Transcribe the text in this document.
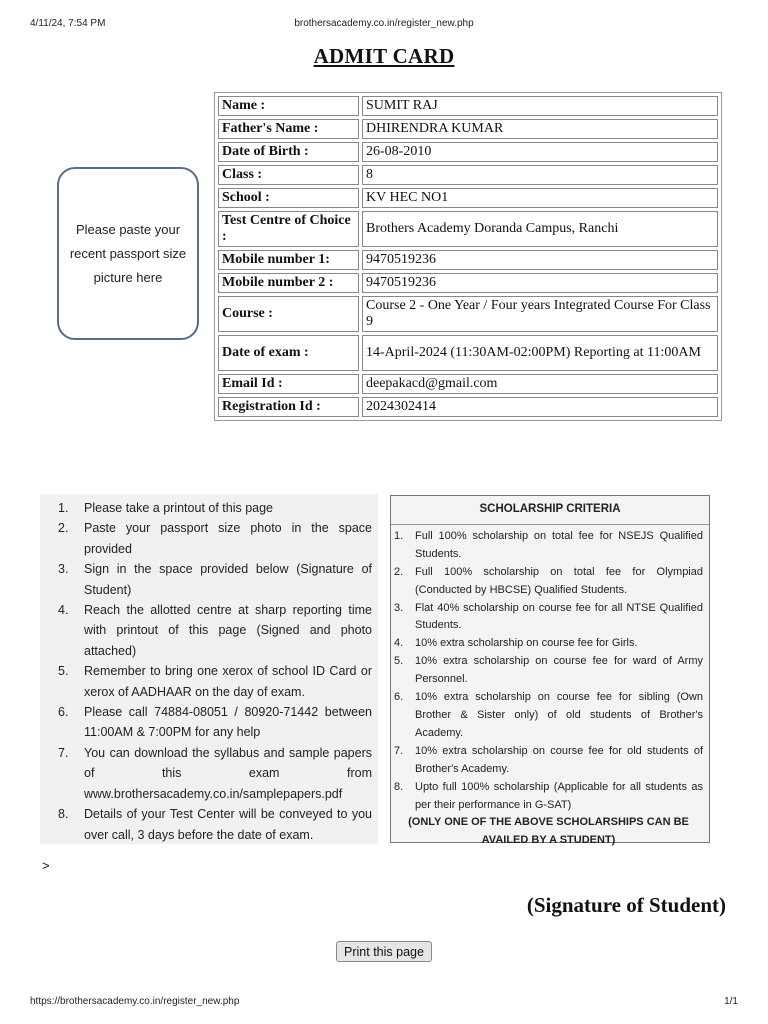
4/11/24, 7:54 PM	brothersacademy.co.in/register_new.php
ADMIT CARD
Please paste your recent passport size picture here
Name :	SUMIT RAJ
Father's Name :	DHIRENDRA KUMAR
Date of Birth :	26-08-2010
Class :	8
School :	KV HEC NO1
Test Centre of Choice :	Brothers Academy Doranda Campus, Ranchi
Mobile number 1:	9470519236
Mobile number 2 :	9470519236
Course :	Course 2 - One Year / Four years Integrated Course For Class 9
Date of exam :	14-April-2024 (11:30AM-02:00PM) Reporting at 11:00AM
Email Id :	deepakacd@gmail.com
Registration Id :	2024302414
1. Please take a printout of this page
2. Paste your passport size photo in the space provided
3. Sign in the space provided below (Signature of Student)
4. Reach the allotted centre at sharp reporting time with printout of this page (Signed and photo attached)
5. Remember to bring one xerox of school ID Card or xerox of AADHAAR on the day of exam.
6. Please call 74884-08051 / 80920-71442 between 11:00AM & 7:00PM for any help
7. You can download the syllabus and sample papers of this exam from www.brothersacademy.co.in/samplepapers.pdf
8. Details of your Test Center will be conveyed to you over call, 3 days before the date of exam.
SCHOLARSHIP CRITERIA
1. Full 100% scholarship on total fee for NSEJS Qualified Students.
2. Full 100% scholarship on total fee for Olympiad (Conducted by HBCSE) Qualified Students.
3. Flat 40% scholarship on course fee for all NTSE Qualified Students.
4. 10% extra scholarship on course fee for Girls.
5. 10% extra scholarship on course fee for ward of Army Personnel.
6. 10% extra scholarship on course fee for sibling (Own Brother & Sister only) of old students of Brother's Academy.
7. 10% extra scholarship on course fee for old students of Brother's Academy.
8. Upto full 100% scholarship (Applicable for all students as per their performance in G-SAT)
(ONLY ONE OF THE ABOVE SCHOLARSHIPS CAN BE AVAILED BY A STUDENT)
>
(Signature of Student)
Print this page
https://brothersacademy.co.in/register_new.php	1/1
